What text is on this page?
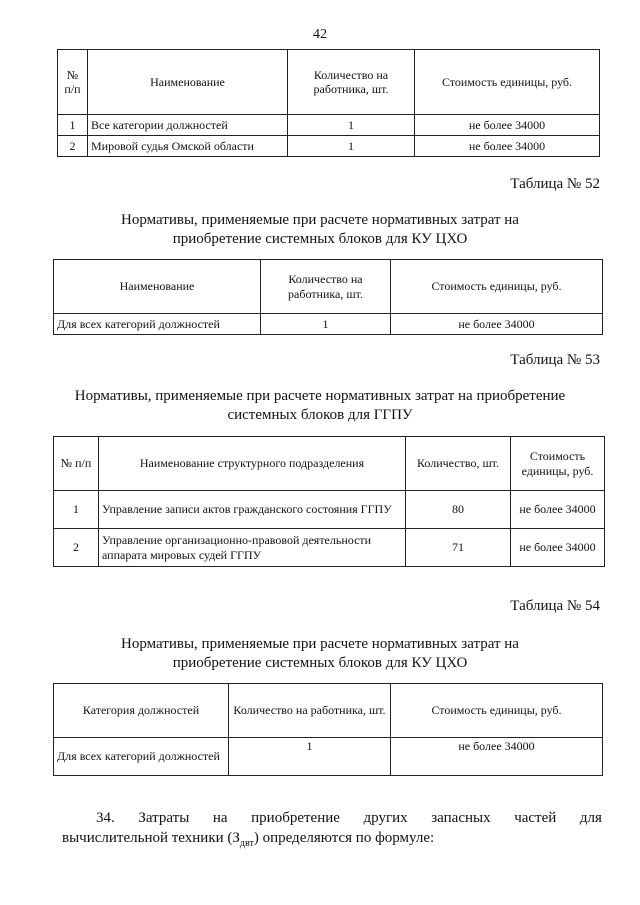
42
№ п/п	Наименование	Количество на работника, шт.	Стоимость единицы, руб.
1	Все категории должностей	1	не более 34000
2	Мировой судья Омской области	1	не более 34000
Таблица № 52
Нормативы, применяемые при расчете нормативных затрат на
приобретение системных блоков для КУ ЦХО
Наименование	Количество на работника, шт.	Стоимость единицы, руб.
Для всех категорий должностей	1	не более 34000
Таблица № 53
Нормативы, применяемые при расчете нормативных затрат на приобретение
системных блоков для ГГПУ
№ п/п	Наименование структурного подразделения	Количество, шт.	Стоимость единицы, руб.
1	Управление записи актов гражданского состояния ГГПУ	80	не более 34000
2	Управление организационно-правовой деятельности аппарата мировых судей ГГПУ	71	не более 34000
Таблица № 54
Нормативы, применяемые при расчете нормативных затрат на
приобретение системных блоков для КУ ЦХО
Категория должностей	Количество на работника, шт.	Стоимость единицы, руб.
Для всех категорий должностей	1	не более 34000
34. Затраты на приобретение других запасных частей для
вычислительной техники $(З_{двт})$ определяются по формуле:
